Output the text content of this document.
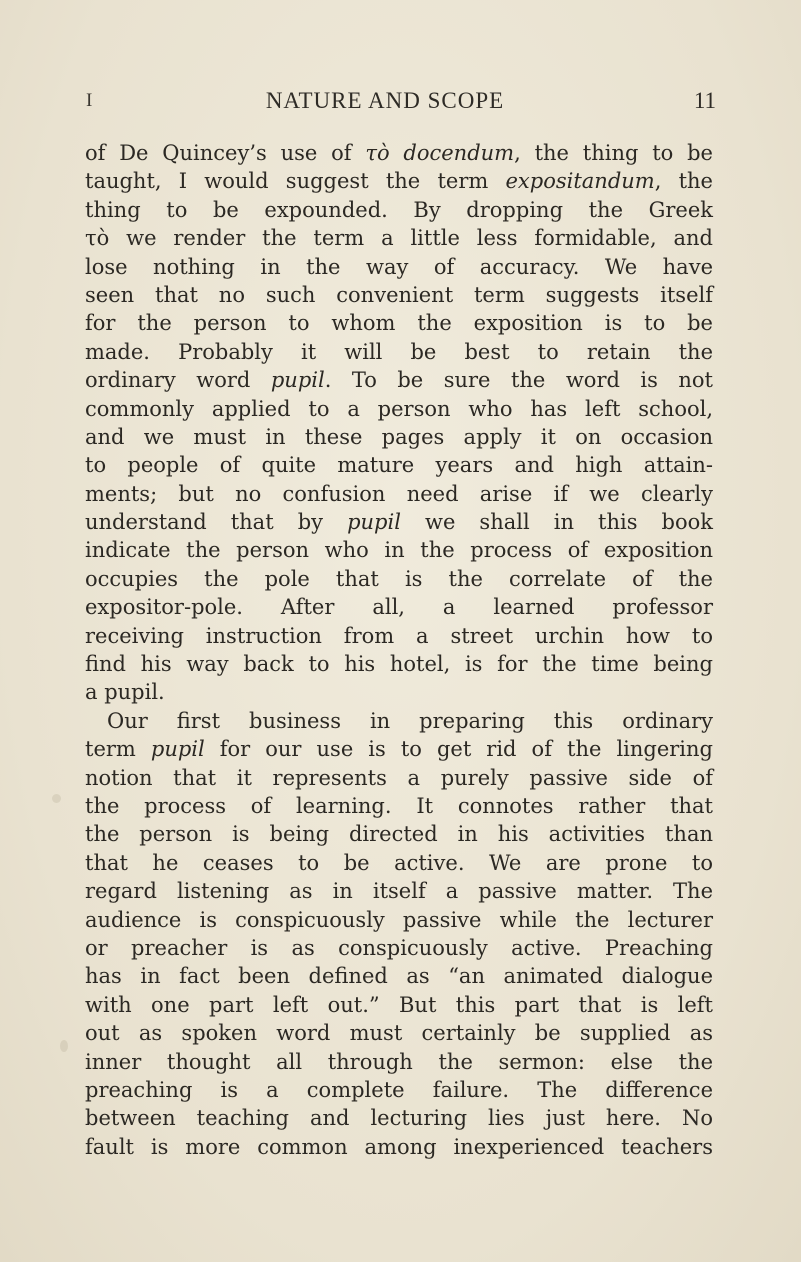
I	NATURE AND SCOPE	11
of De Quincey’s use of τὸ docendum, the thing to be
taught, I would suggest the term expositandum, the
thing to be expounded. By dropping the Greek
τὸ we render the term a little less formidable, and
lose nothing in the way of accuracy. We have
seen that no such convenient term suggests itself
for the person to whom the exposition is to be
made. Probably it will be best to retain the
ordinary word pupil. To be sure the word is not
commonly applied to a person who has left school,
and we must in these pages apply it on occasion
to people of quite mature years and high attain-
ments; but no confusion need arise if we clearly
understand that by pupil we shall in this book
indicate the person who in the process of exposition
occupies the pole that is the correlate of the
expositor-pole. After all, a learned professor
receiving instruction from a street urchin how to
find his way back to his hotel, is for the time being
a pupil.
Our first business in preparing this ordinary
term pupil for our use is to get rid of the lingering
notion that it represents a purely passive side of
the process of learning. It connotes rather that
the person is being directed in his activities than
that he ceases to be active. We are prone to
regard listening as in itself a passive matter. The
audience is conspicuously passive while the lecturer
or preacher is as conspicuously active. Preaching
has in fact been defined as “an animated dialogue
with one part left out.” But this part that is left
out as spoken word must certainly be supplied as
inner thought all through the sermon: else the
preaching is a complete failure. The difference
between teaching and lecturing lies just here. No
fault is more common among inexperienced teachers
